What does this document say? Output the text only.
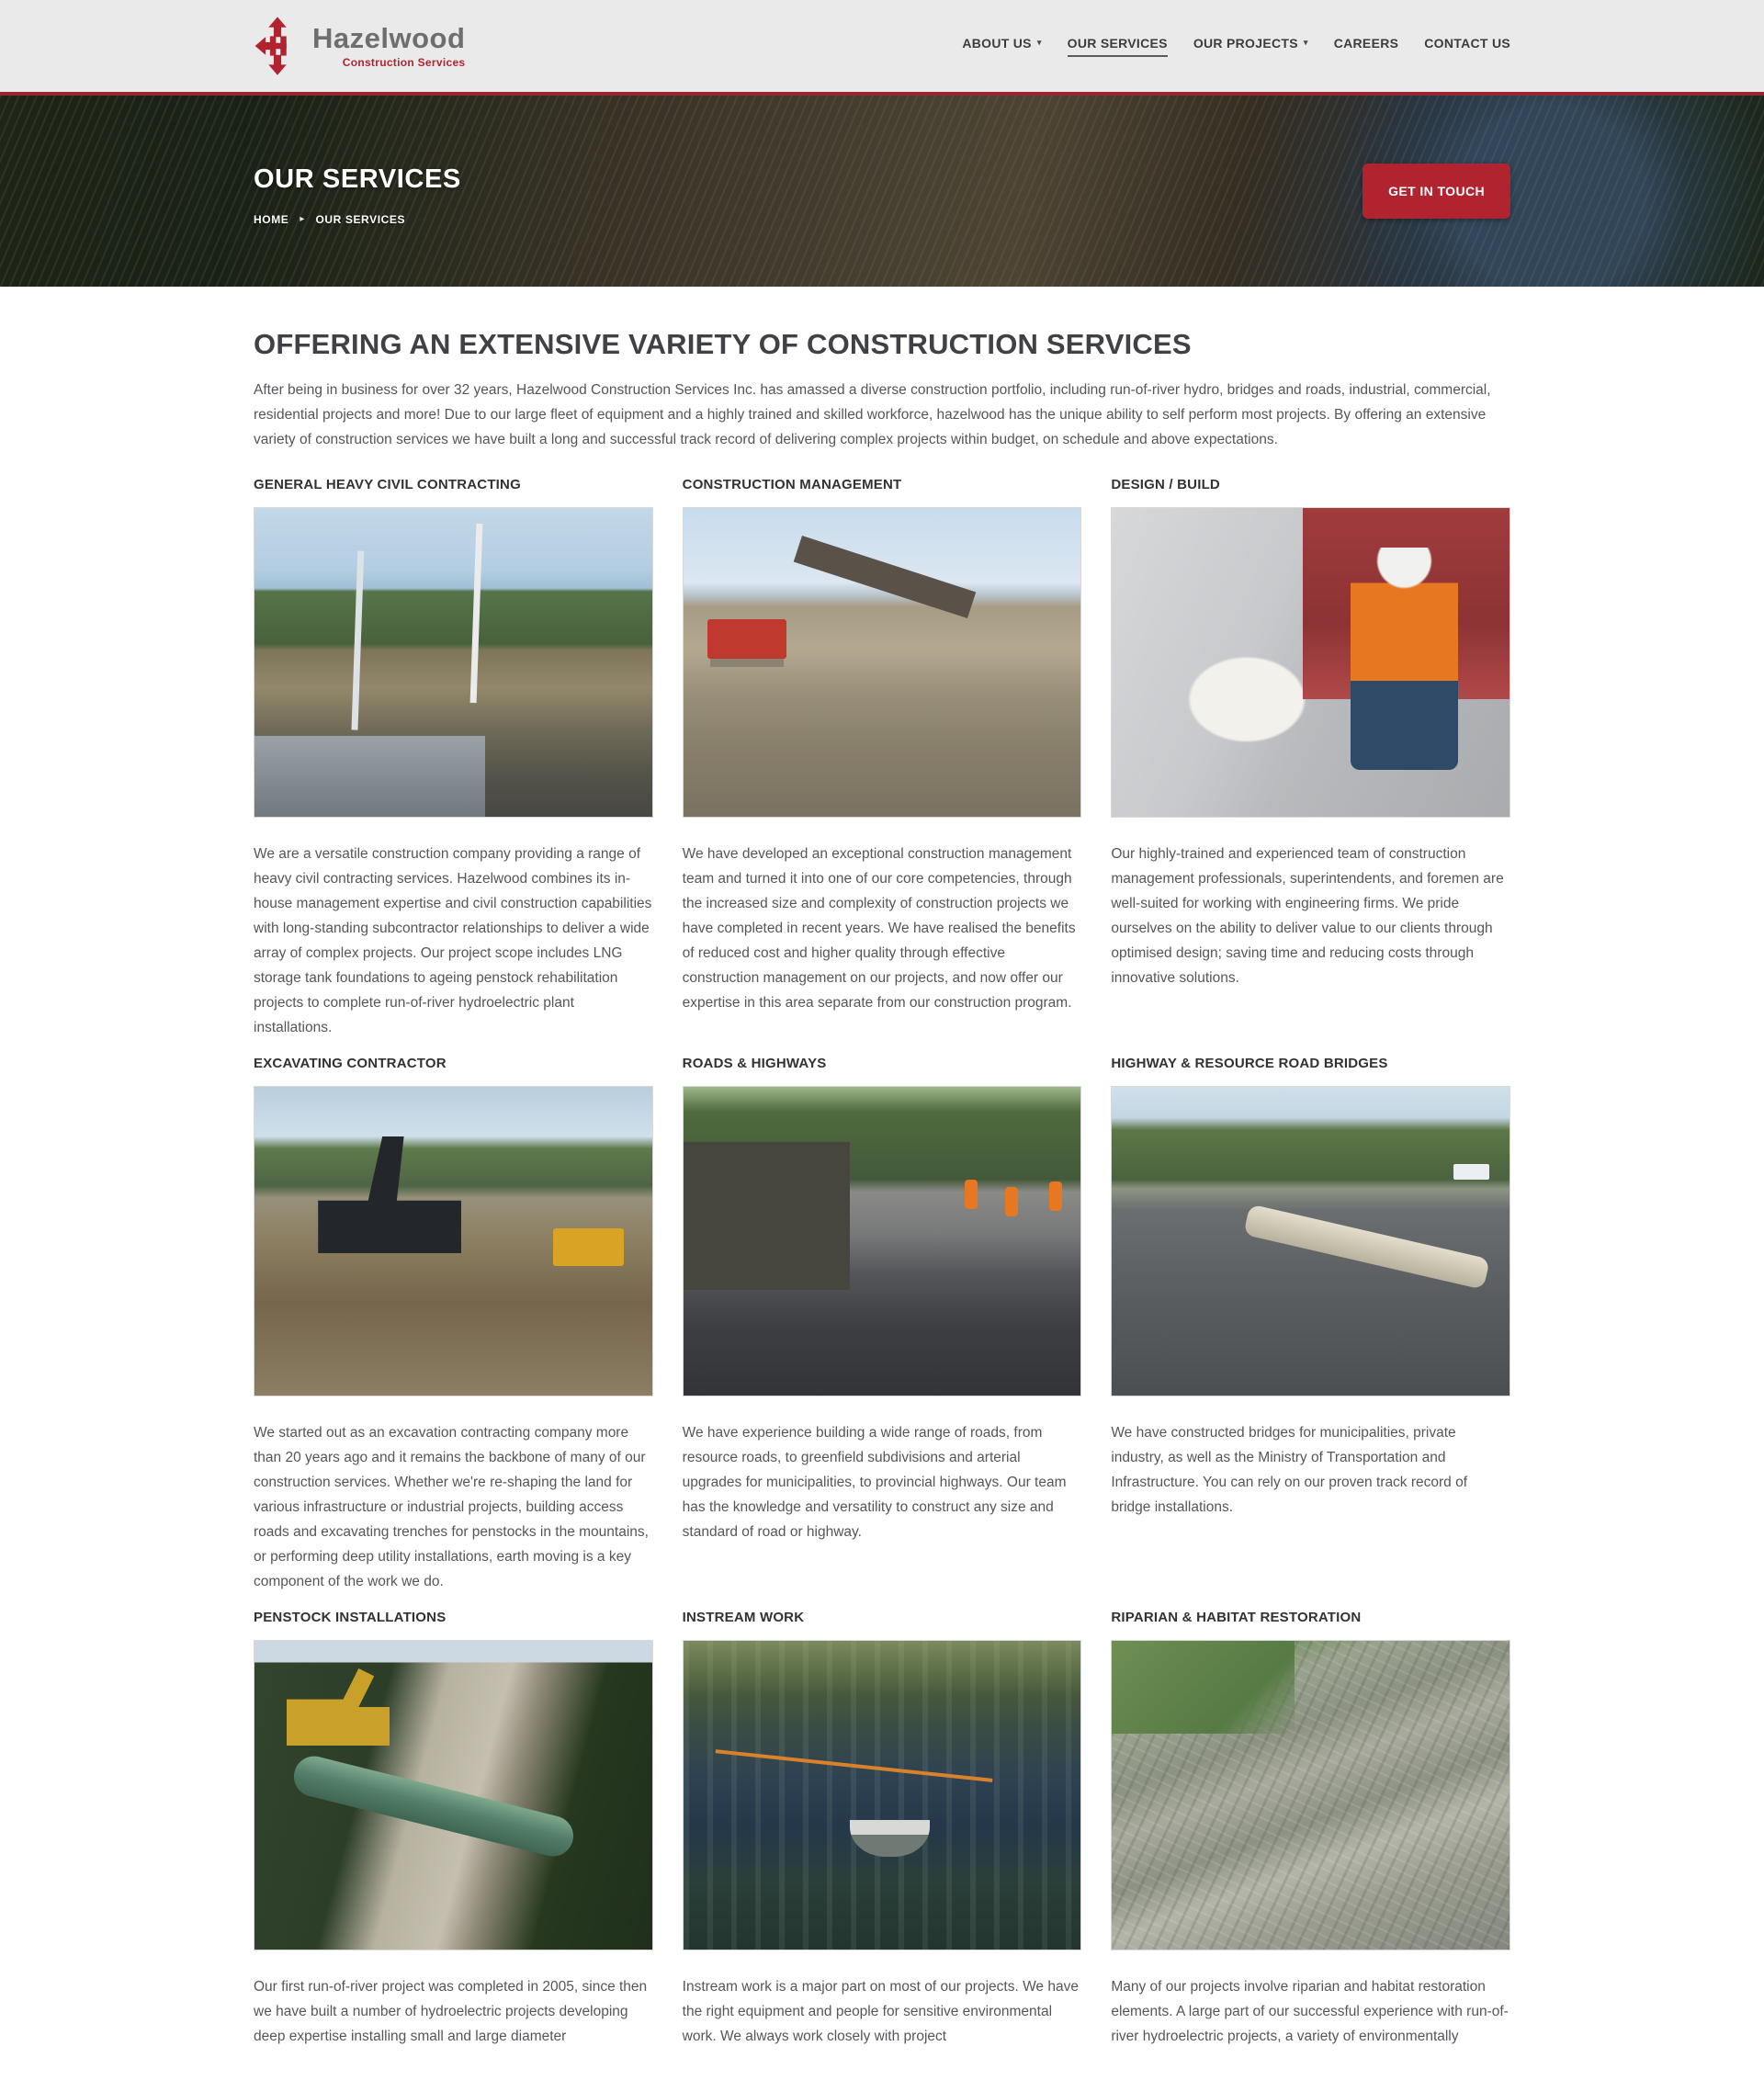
Hazelwood
Construction Services
ABOUT US ▾ OUR SERVICES OUR PROJECTS ▾ CAREERS CONTACT US
OUR SERVICES
HOME ▸ OUR SERVICES
GET IN TOUCH
OFFERING AN EXTENSIVE VARIETY OF CONSTRUCTION SERVICES

After being in business for over 32 years, Hazelwood Construction Services Inc. has amassed a diverse construction portfolio, including run-of-river hydro, bridges and roads, industrial, commercial, residential projects and more! Due to our large fleet of equipment and a highly trained and skilled workforce, hazelwood has the unique ability to self perform most projects. By offering an extensive variety of construction services we have built a long and successful track record of delivering complex projects within budget, on schedule and above expectations.

GENERAL HEAVY CIVIL CONTRACTING

We are a versatile construction company providing a range of heavy civil contracting services. Hazelwood combines its in-house management expertise and civil construction capabilities with long-standing subcontractor relationships to deliver a wide array of complex projects. Our project scope includes LNG storage tank foundations to ageing penstock rehabilitation projects to complete run-of-river hydroelectric plant installations.

CONSTRUCTION MANAGEMENT

We have developed an exceptional construction management team and turned it into one of our core competencies, through the increased size and complexity of construction projects we have completed in recent years. We have realised the benefits of reduced cost and higher quality through effective construction management on our projects, and now offer our expertise in this area separate from our construction program.

DESIGN / BUILD

Our highly-trained and experienced team of construction management professionals, superintendents, and foremen are well-suited for working with engineering firms. We pride ourselves on the ability to deliver value to our clients through optimised design; saving time and reducing costs through innovative solutions.

EXCAVATING CONTRACTOR

We started out as an excavation contracting company more than 20 years ago and it remains the backbone of many of our construction services. Whether we're re-shaping the land for various infrastructure or industrial projects, building access roads and excavating trenches for penstocks in the mountains, or performing deep utility installations, earth moving is a key component of the work we do.

ROADS & HIGHWAYS

We have experience building a wide range of roads, from resource roads, to greenfield subdivisions and arterial upgrades for municipalities, to provincial highways. Our team has the knowledge and versatility to construct any size and standard of road or highway.

HIGHWAY & RESOURCE ROAD BRIDGES

We have constructed bridges for municipalities, private industry, as well as the Ministry of Transportation and Infrastructure. You can rely on our proven track record of bridge installations.

PENSTOCK INSTALLATIONS

Our first run-of-river project was completed in 2005, since then we have built a number of hydroelectric projects developing deep expertise installing small and large diameter

INSTREAM WORK

Instream work is a major part on most of our projects. We have the right equipment and people for sensitive environmental work. We always work closely with project

RIPARIAN & HABITAT RESTORATION

Many of our projects involve riparian and habitat restoration elements. A large part of our successful experience with run-of-river hydroelectric projects, a variety of environmentally
